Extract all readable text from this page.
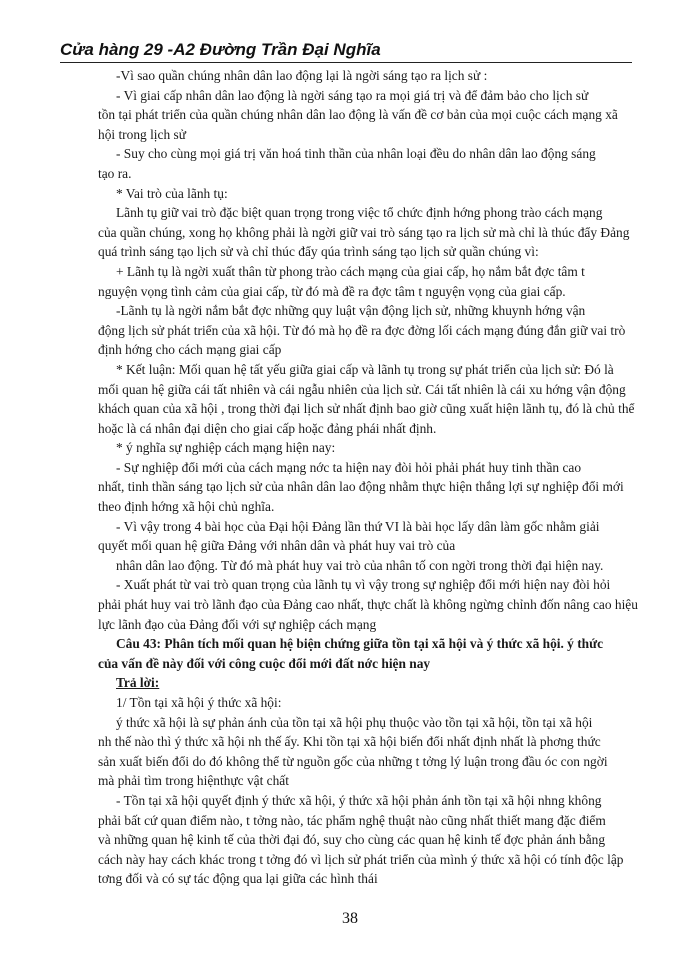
Cửa hàng 29 -A2 Đường Trần Đại Nghĩa
-Vì sao quần chúng nhân dân lao động lại là ngời sáng tạo ra lịch sử :
- Vì giai cấp nhân dân lao động là ngời sáng tạo ra mọi giá trị và để đảm bảo cho lịch sử
tồn tại phát triển của quần chúng nhân dân lao động là vấn đề cơ bản của mọi cuộc cách mạng xã
hội trong lịch sử
- Suy cho cùng mọi giá trị văn hoá tinh thần của nhân loại đều do nhân dân lao động sáng
tạo ra.
* Vai trò của lãnh tụ:
Lãnh tụ giữ vai trò đặc biệt quan trọng trong việc tổ chức định hớng phong trào cách mạng
của quần chúng, xong họ không phải là ngời giữ vai trò sáng tạo ra lịch sử mà chỉ là thúc đẩy Đảng
quá trình sáng tạo lịch sử và chỉ thúc đẩy qúa trình sáng tạo lịch sử quần chúng vì:
+ Lãnh tụ là ngời xuất thân từ phong trào cách mạng của giai cấp, họ nắm bắt đợc tâm t
nguyện vọng tình cảm của giai cấp, từ đó mà đề ra đợc tâm t nguyện vọng của giai cấp.
-Lãnh tụ là ngời nắm bắt đợc những quy luật vận động lịch sử, những khuynh hớng vận
động lịch sử phát triển của xã hội. Từ đó mà họ đề ra đợc đờng lối cách mạng đúng đắn giữ vai trò
định hớng cho cách mạng giai cấp
* Kết luận: Mối quan hệ tất yếu giữa giai cấp và lãnh tụ trong sự phát triển của lịch sử: Đó là
mối quan hệ giữa cái tất nhiên và cái ngẫu nhiên của lịch sử. Cái tất nhiên là cái xu hớng vận động
khách quan của xã hội , trong thời đại lịch sử nhất định bao giờ cũng xuất hiện lãnh tụ, đó là chủ thể
hoặc là cá nhân đại diện cho giai cấp hoặc đảng phái nhất định.
* ý nghĩa sự nghiệp cách mạng hiện nay:
- Sự nghiệp đổi mới của cách mạng nớc ta hiện nay đòi hỏi phải phát huy tinh thần cao
nhất, tinh thần sáng tạo lịch sử của nhân dân lao động nhằm thực hiện thắng lợi sự nghiệp đổi mới
theo định hớng xã hội chủ nghĩa.
- Vì vậy trong 4 bài học của Đại hội Đảng lần thứ VI là bài học lấy dân làm gốc nhằm giải
quyết mối quan hệ giữa Đảng với nhân dân và phát huy vai trò của
nhân dân lao động. Từ đó mà phát huy vai trò của nhân tố con ngời trong thời đại hiện nay.
- Xuất phát từ vai trò quan trọng của lãnh tụ vì vậy trong sự nghiệp đổi mới hiện nay đòi hỏi
phải phát huy vai trò lãnh đạo của Đảng cao nhất, thực chất là không ngừng chỉnh đốn nâng cao hiệu
lực lãnh đạo của Đảng đối với sự nghiệp cách mạng
Câu 43: Phân tích mối quan hệ biện chứng giữa tồn tại xã hội và ý thức xã hội. ý thức
của vấn đề này đối với công cuộc đổi mới đất nớc hiện nay
Trả lời:
1/ Tồn tại xã hội ý thức xã hội:
ý thức xã hội là sự phản ánh của tồn tại xã hội phụ thuộc vào tồn tại xã hội, tồn tại xã hội
nh thế nào thì ý thức xã hội nh thế ấy. Khi tồn tại xã hội biến đổi nhất định nhất là phơng thức
sản xuất biến đổi do đó không thể từ nguồn gốc của những t tởng lý luận trong đầu óc con ngời
mà phải tìm trong hiệnthực vật chất
- Tồn tại xã hội quyết định ý thức xã hội, ý thức xã hội phản ánh tồn tại xã hội nhng không
phải bất cứ quan điểm nào, t tởng nào, tác phẩm nghệ thuật nào cũng nhất thiết mang đặc điểm
và những quan hệ kinh tế của thời đại đó, suy cho cùng các quan hệ kinh tế đợc phản ánh bằng
cách này hay cách khác trong t tởng đó vì lịch sử phát triển của mình ý thức xã hội có tính độc lập
tơng đối và có sự tác động qua lại giữa các hình thái
38
